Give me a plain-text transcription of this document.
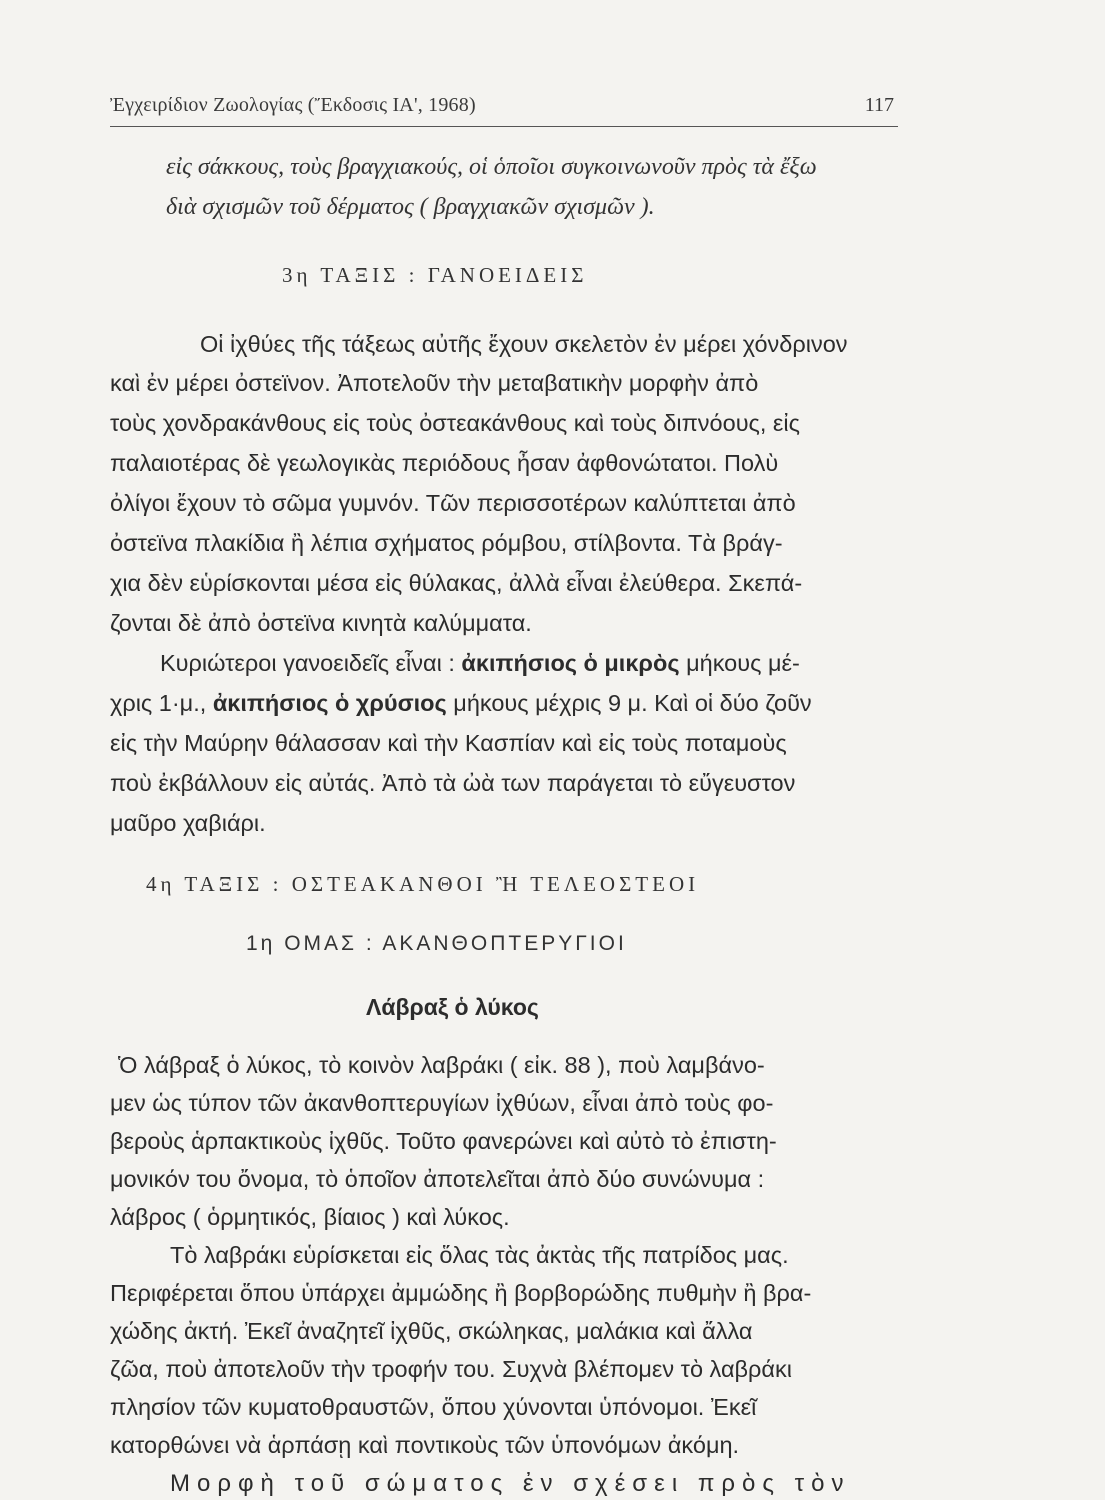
Ἐγχειρίδιον Ζωολογίας (Ἔκδοσις ΙΑ', 1968)	117
εἰς σάκκους, τοὺς βραγχιακούς, οἱ ὁποῖοι συγκοινωνοῦν πρὸς τὰ ἔξω
διὰ σχισμῶν τοῦ δέρματος ( βραγχιακῶν σχισμῶν ).
3η ΤΑΞΙΣ : ΓΑΝΟΕΙΔΕΙΣ
Οἱ ἰχθύες τῆς τάξεως αὐτῆς ἔχουν σκελετὸν ἐν μέρει χόνδρινον
καὶ ἐν μέρει ὀστεϊνον. Ἀποτελοῦν τὴν μεταβατικὴν μορφὴν ἀπὸ
τοὺς χονδρακάνθους εἰς τοὺς ὀστεακάνθους καὶ τοὺς διπνόους, εἰς
παλαιοτέρας δὲ γεωλογικὰς περιόδους ἦσαν ἀφθονώτατοι. Πολὺ
ὀλίγοι ἔχουν τὸ σῶμα γυμνόν. Τῶν περισσοτέρων καλύπτεται ἀπὸ
ὀστεϊνα πλακίδια ἢ λέπια σχήματος ρόμβου, στίλβοντα. Τὰ βράγ-
χια δὲν εὑρίσκονται μέσα εἰς θύλακας, ἀλλὰ εἶναι ἐλεύθερα. Σκεπά-
ζονται δὲ ἀπὸ ὀστεϊνα κινητὰ καλύμματα.
Κυριώτεροι γανοειδεῖς εἶναι : ἀκιπήσιος ὁ μικρὸς μήκους μέ-
χρις 1·μ., ἀκιπήσιος ὁ χρύσιος μήκους μέχρις 9 μ. Καὶ οἱ δύο ζοῦν
εἰς τὴν Μαύρην θάλασσαν καὶ τὴν Κασπίαν καὶ εἰς τοὺς ποταμοὺς
ποὺ ἐκβάλλουν εἰς αὐτάς. Ἀπὸ τὰ ὠὰ των παράγεται τὸ εὔγευστον
μαῦρο χαβιάρι.
4η ΤΑΞΙΣ : ΟΣΤΕΑΚΑΝΘΟΙ Ἢ ΤΕΛΕΟΣΤΕΟΙ
1η ΟΜΑΣ : ΑΚΑΝΘΟΠΤΕΡΥΓΙΟΙ
Λάβραξ ὁ λύκος
Ὁ λάβραξ ὁ λύκος, τὸ κοινὸν λαβράκι ( εἰκ. 88 ), ποὺ λαμβάνο-
μεν ὡς τύπον τῶν ἀκανθοπτερυγίων ἰχθύων, εἶναι ἀπὸ τοὺς φο-
βεροὺς ἁρπακτικοὺς ἰχθῦς. Τοῦτο φανερώνει καὶ αὐτὸ τὸ ἐπιστη-
μονικόν του ὄνομα, τὸ ὁποῖον ἀποτελεῖται ἀπὸ δύο συνώνυμα :
λάβρος ( ὁρμητικός, βίαιος ) καὶ λύκος.
Τὸ λαβράκι εὑρίσκεται εἰς ὅλας τὰς ἀκτὰς τῆς πατρίδος μας.
Περιφέρεται ὅπου ὑπάρχει ἀμμώδης ἢ βορβορώδης πυθμὴν ἢ βρα-
χώδης ἀκτή. Ἐκεῖ ἀναζητεῖ ἰχθῦς, σκώληκας, μαλάκια καὶ ἄλλα
ζῶα, ποὺ ἀποτελοῦν τὴν τροφήν του. Συχνὰ βλέπομεν τὸ λαβράκι
πλησίον τῶν κυματοθραυστῶν, ὅπου χύνονται ὑπόνομοι. Ἐκεῖ
κατορθώνει νὰ ἁρπάσῃ καὶ ποντικοὺς τῶν ὑπονόμων ἀκόμη.
Μορφὴ τοῦ σώματος ἐν σχέσει πρὸς τὸν
